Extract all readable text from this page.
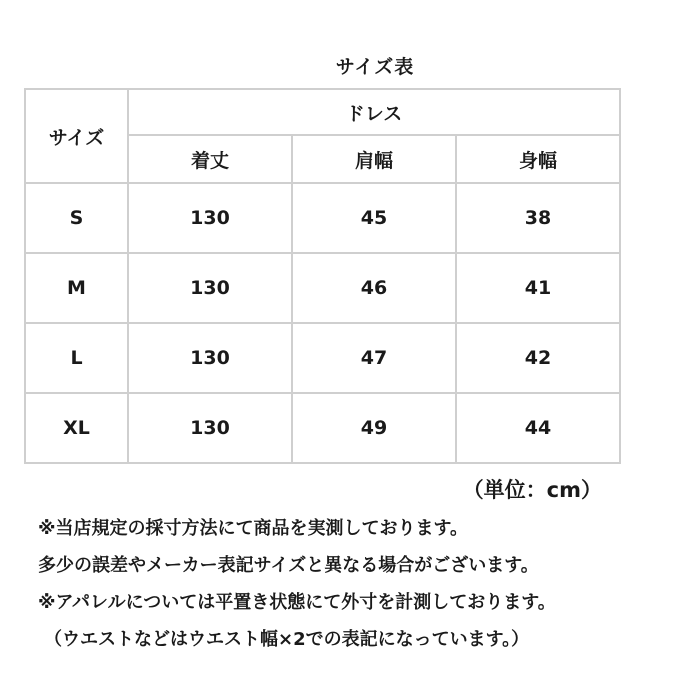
サイズ表
サイズ	ドレス		
	着丈	肩幅	身幅
S	130	45	38
M	130	46	41
L	130	47	42
XL	130	49	44
（単位：cm）
※当店規定の採寸方法にて商品を実測しております。
多少の誤差やメーカー表記サイズと異なる場合がございます。
※アパレルについては平置き状態にて外寸を計測しております。
（ウエストなどはウエスト幅×2での表記になっています。）
